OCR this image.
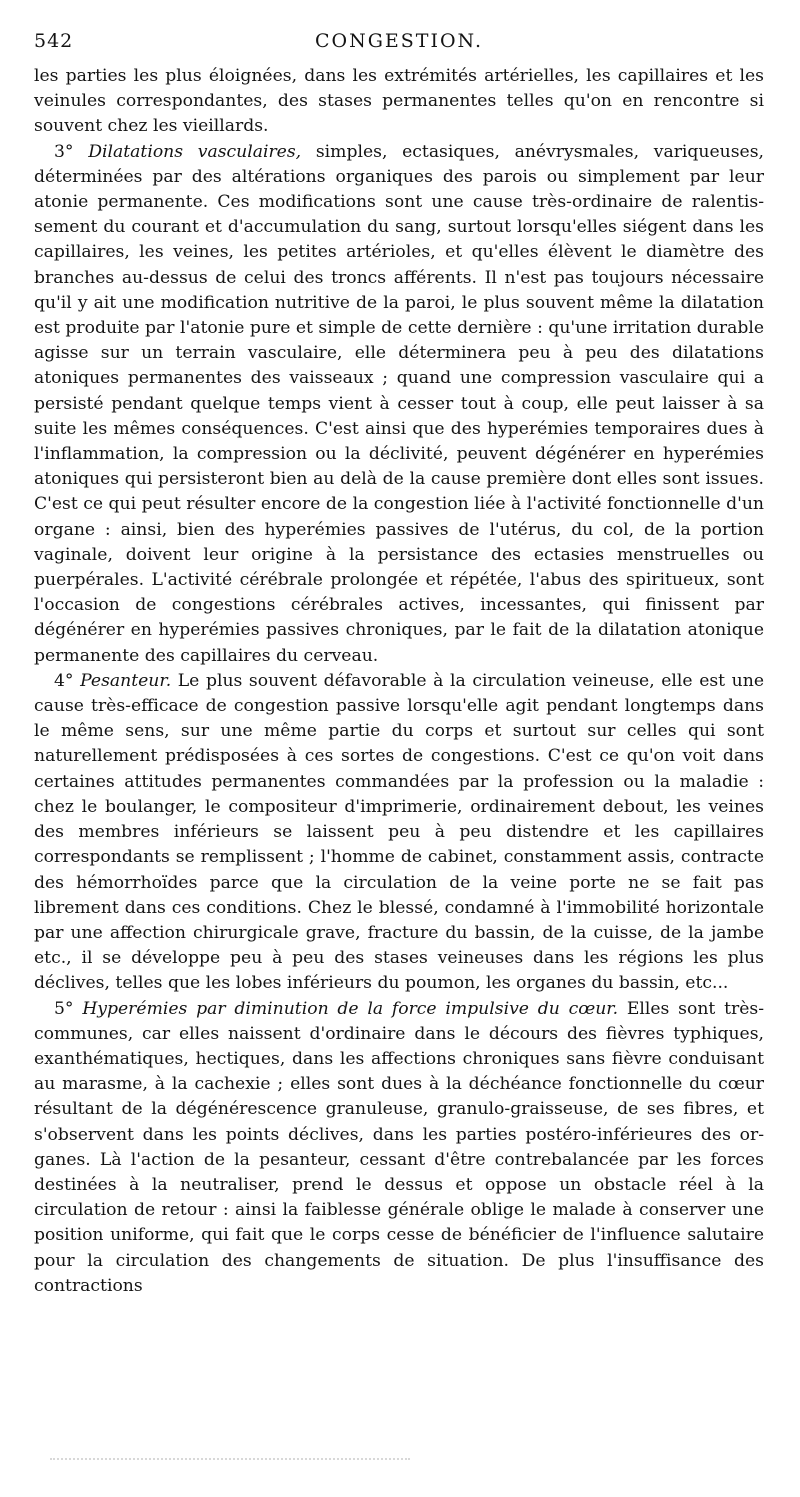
542	CONGESTION.

les parties les plus éloignées, dans les extrémités artérielles, les capillaires et les veinules correspondantes, des stases permanentes telles qu'on en rencontre si souvent chez les vieillards.

3° Dilatations vasculaires, simples, ectasiques, anévrysmales, variqueuses, déterminées par des altérations organiques des parois ou simplement par leur atonie permanente. Ces modifications sont une cause très-ordinaire de ralentissement du courant et d'accumulation du sang, surtout lorsqu'elles siégent dans les capillaires, les veines, les petites artérioles, et qu'elles élèvent le diamètre des branches au-dessus de celui des troncs afférents. Il n'est pas toujours nécessaire qu'il y ait une modification nutritive de la paroi, le plus souvent même la dilatation est produite par l'atonie pure et simple de cette dernière : qu'une irritation durable agisse sur un terrain vasculaire, elle déterminera peu à peu des dilatations atoniques permanentes des vaisseaux ; quand une compression vasculaire qui a persisté pendant quelque temps vient à cesser tout à coup, elle peut laisser à sa suite les mêmes conséquences. C'est ainsi que des hyperémies temporaires dues à l'inflammation, la compression ou la déclivité, peuvent dégénérer en hyperémies atoniques qui persisteront bien au delà de la cause première dont elles sont issues. C'est ce qui peut résulter encore de la congestion liée à l'activité fonctionnelle d'un organe : ainsi, bien des hyperémies passives de l'utérus, du col, de la portion vaginale, doivent leur origine à la persistance des ectasies menstruelles ou puerpérales. L'activité cérébrale prolongée et répétée, l'abus des spiritueux, sont l'occasion de congestions cérébrales actives, incessantes, qui finissent par dégénérer en hyperémies passives chroniques, par le fait de la dilatation atonique permanente des capillaires du cerveau.

4° Pesanteur. Le plus souvent défavorable à la circulation veineuse, elle est une cause très-efficace de congestion passive lorsqu'elle agit pendant longtemps dans le même sens, sur une même partie du corps et surtout sur celles qui sont naturellement prédisposées à ces sortes de congestions. C'est ce qu'on voit dans certaines attitudes permanentes commandées par la profession ou la maladie : chez le boulanger, le compositeur d'imprimerie, ordinairement debout, les veines des membres inférieurs se laissent peu à peu distendre et les capillaires correspondants se remplissent ; l'homme de cabinet, constamment assis, contracte des hémorrhoïdes parce que la circulation de la veine porte ne se fait pas librement dans ces conditions. Chez le blessé, condamné à l'immobilité horizontale par une affection chirurgicale grave, fracture du bassin, de la cuisse, de la jambe etc., il se développe peu à peu des stases veineuses dans les régions les plus déclives, telles que les lobes inférieurs du poumon, les organes du bassin, etc...

5° Hyperémies par diminution de la force impulsive du cœur. Elles sont très-communes, car elles naissent d'ordinaire dans le décours des fièvres typhiques, exanthématiques, hectiques, dans les affections chroniques sans fièvre conduisant au marasme, à la cachexie ; elles sont dues à la déchéance fonctionnelle du cœur résultant de la dégénérescence granuleuse, granulo-graisseuse, de ses fibres, et s'observent dans les points déclives, dans les parties postéro-inférieures des organes. Là l'action de la pesanteur, cessant d'être contrebalancée par les forces destinées à la neutraliser, prend le dessus et oppose un obstacle réel à la circulation de retour : ainsi la faiblesse générale oblige le malade à conserver une position uniforme, qui fait que le corps cesse de bénéficier de l'influence salutaire pour la circulation des changements de situation. De plus l'insuffisance des contractions
